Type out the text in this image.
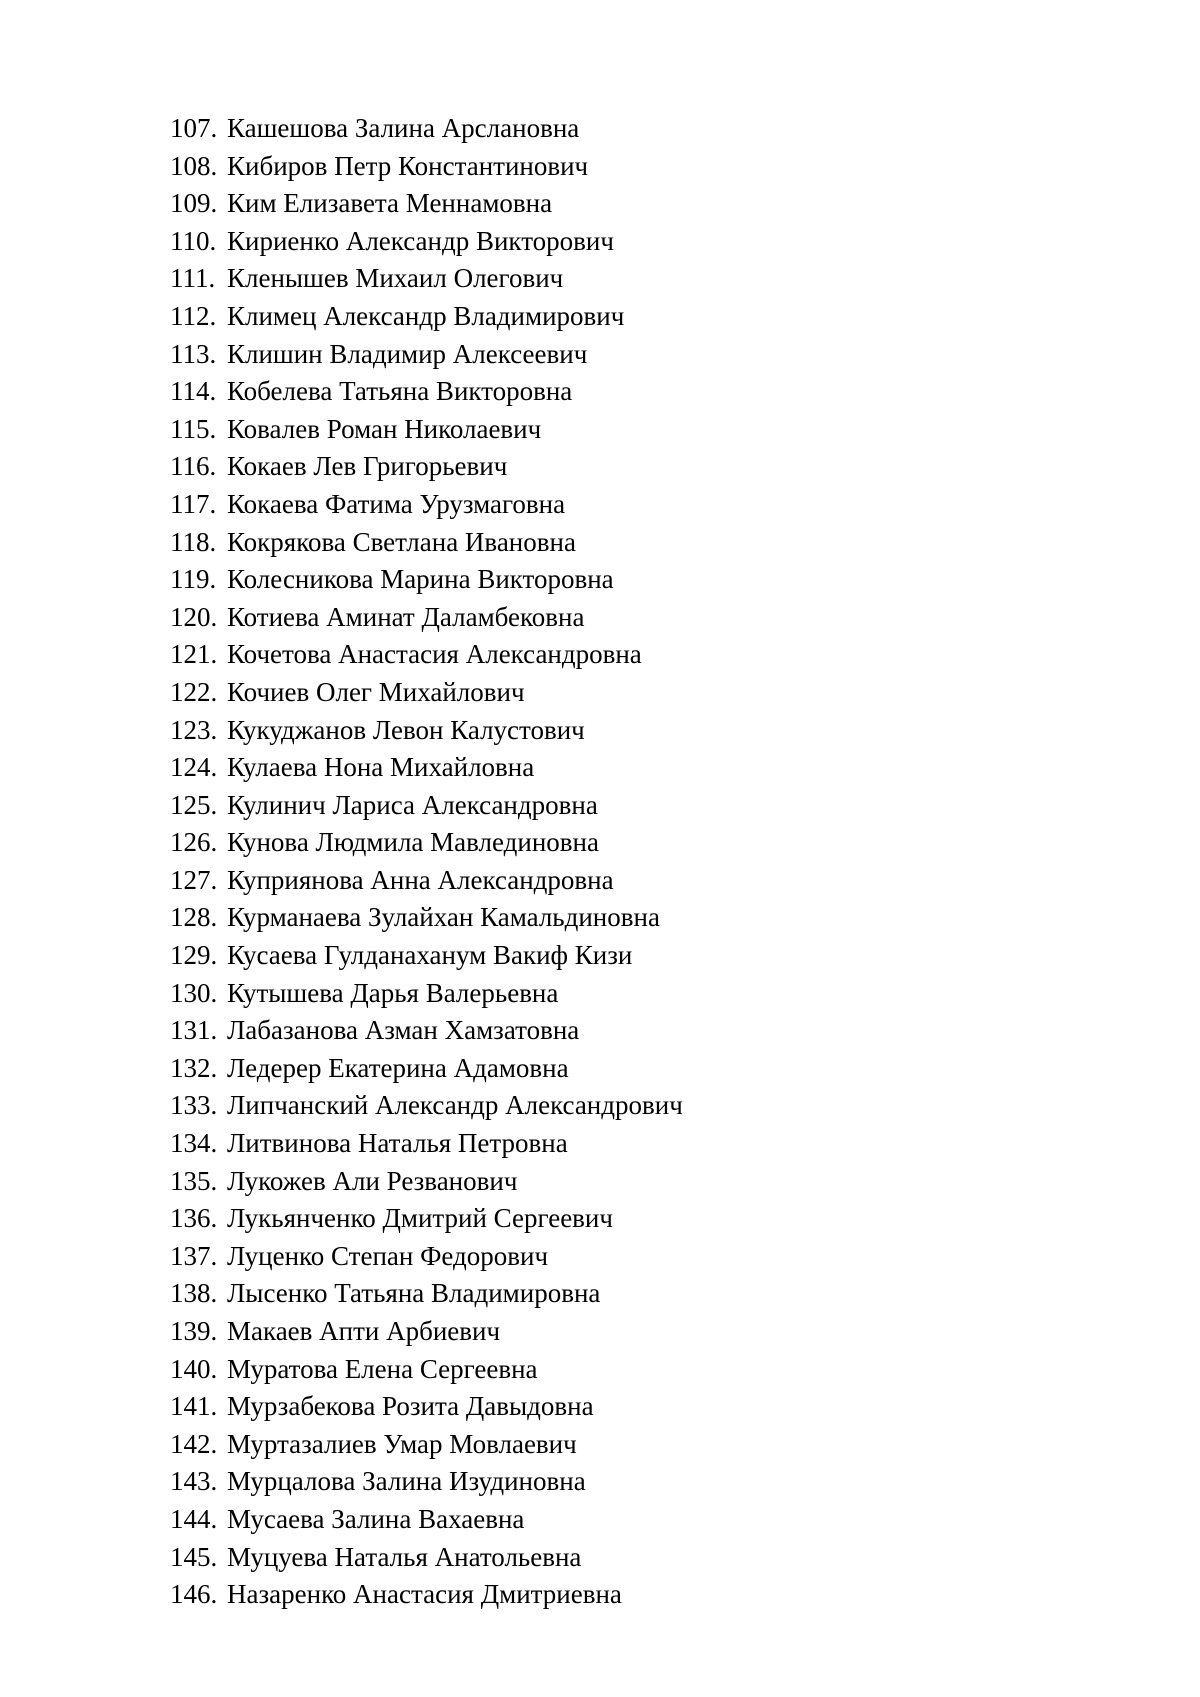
107. Кашешова Залина Арслановна
108. Кибиров Петр Константинович
109. Ким Елизавета Меннамовна
110. Кириенко Александр Викторович
111. Кленышев Михаил Олегович
112. Климец Александр Владимирович
113. Клишин Владимир Алексеевич
114. Кобелева Татьяна Викторовна
115. Ковалев Роман Николаевич
116. Кокаев Лев Григорьевич
117. Кокаева Фатима Урузмаговна
118. Кокрякова Светлана Ивановна
119. Колесникова Марина Викторовна
120. Котиева Аминат Даламбековна
121. Кочетова Анастасия Александровна
122. Кочиев Олег Михайлович
123. Кукуджанов Левон Калустович
124. Кулаева Нона Михайловна
125. Кулинич Лариса Александровна
126. Кунова Людмила Мавлединовна
127. Куприянова Анна Александровна
128. Курманаева Зулайхан Камальдиновна
129. Кусаева Гулданаханум Вакиф Кизи
130. Кутышева Дарья Валерьевна
131. Лабазанова Азман Хамзатовна
132. Ледерер Екатерина Адамовна
133. Липчанский Александр Александрович
134. Литвинова Наталья Петровна
135. Лукожев Али Резванович
136. Лукьянченко Дмитрий Сергеевич
137. Луценко Степан Федорович
138. Лысенко Татьяна Владимировна
139. Макаев Апти Арбиевич
140. Муратова Елена Сергеевна
141. Мурзабекова Розита Давыдовна
142. Муртазалиев Умар Мовлаевич
143. Мурцалова Залина Изудиновна
144. Мусаева Залина Вахаевна
145. Муцуева Наталья Анатольевна
146. Назаренко Анастасия Дмитриевна
